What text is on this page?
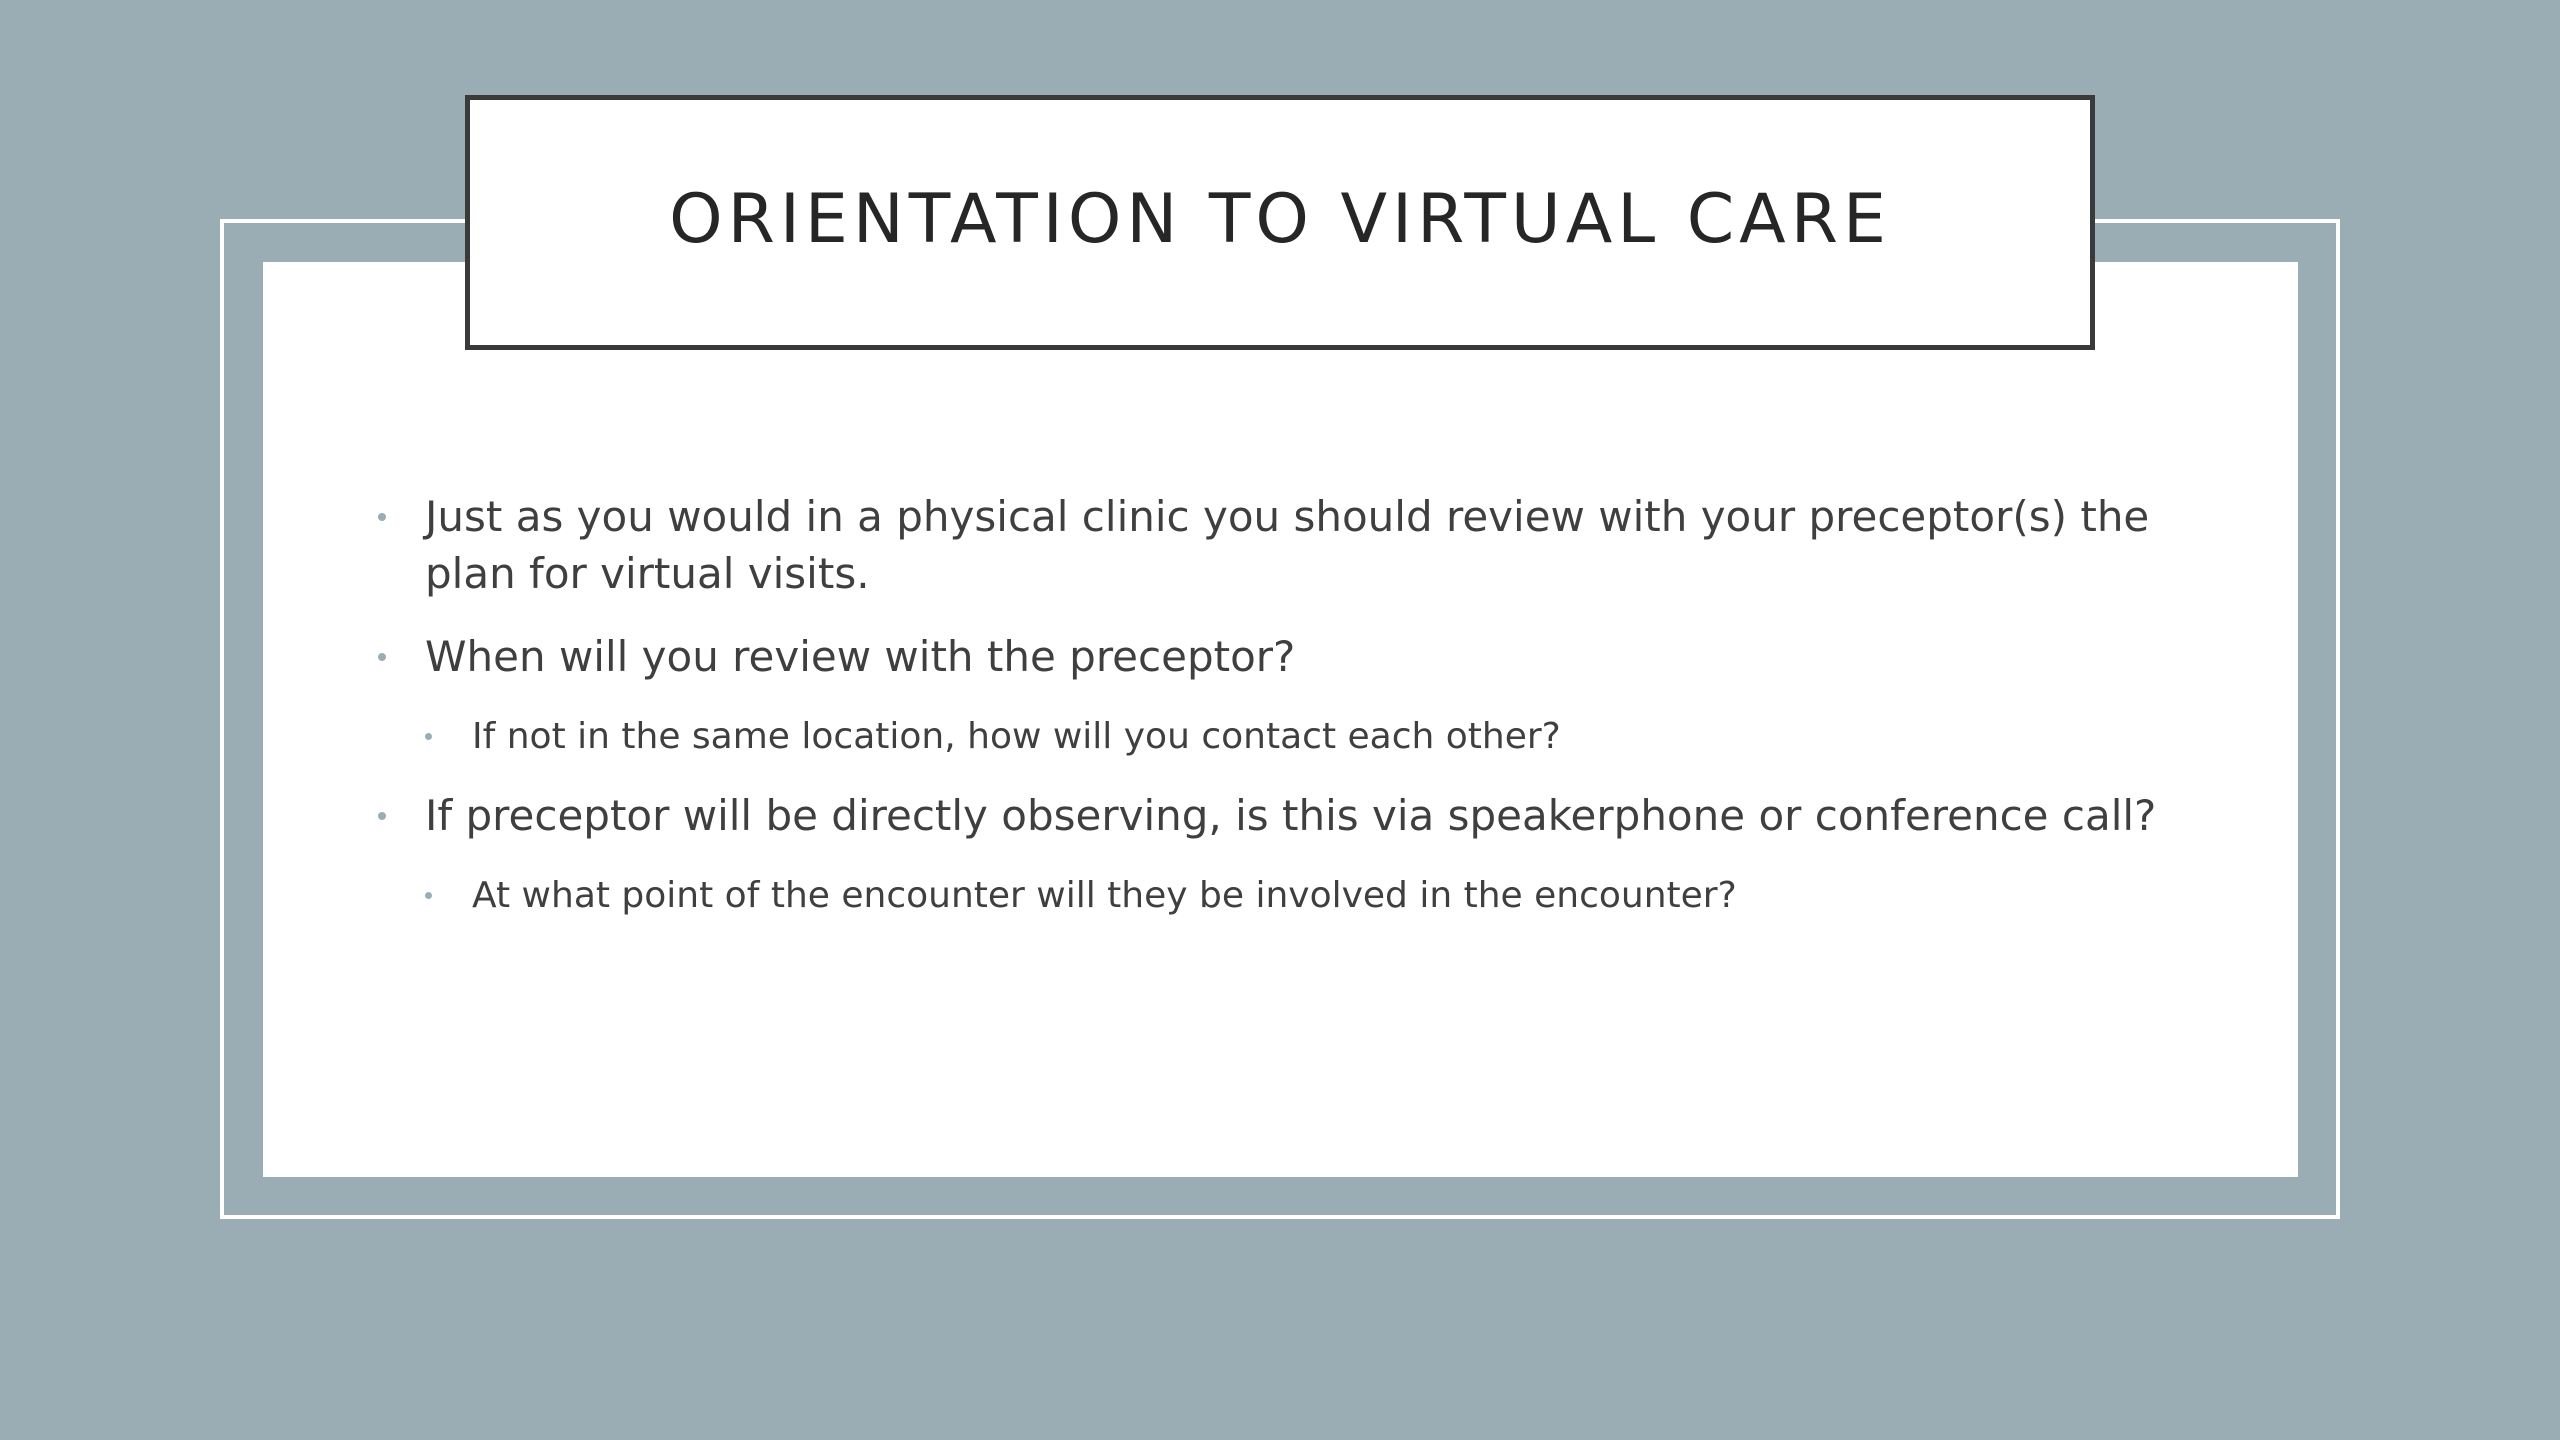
ORIENTATION TO VIRTUAL CARE
Just as you would in a physical clinic you should review with your preceptor(s) the plan for virtual visits.
When will you review with the preceptor?
If not in the same location, how will you contact each other?
If preceptor will be directly observing, is this via speakerphone or conference call?
At what point of the encounter will they be involved in the encounter?
